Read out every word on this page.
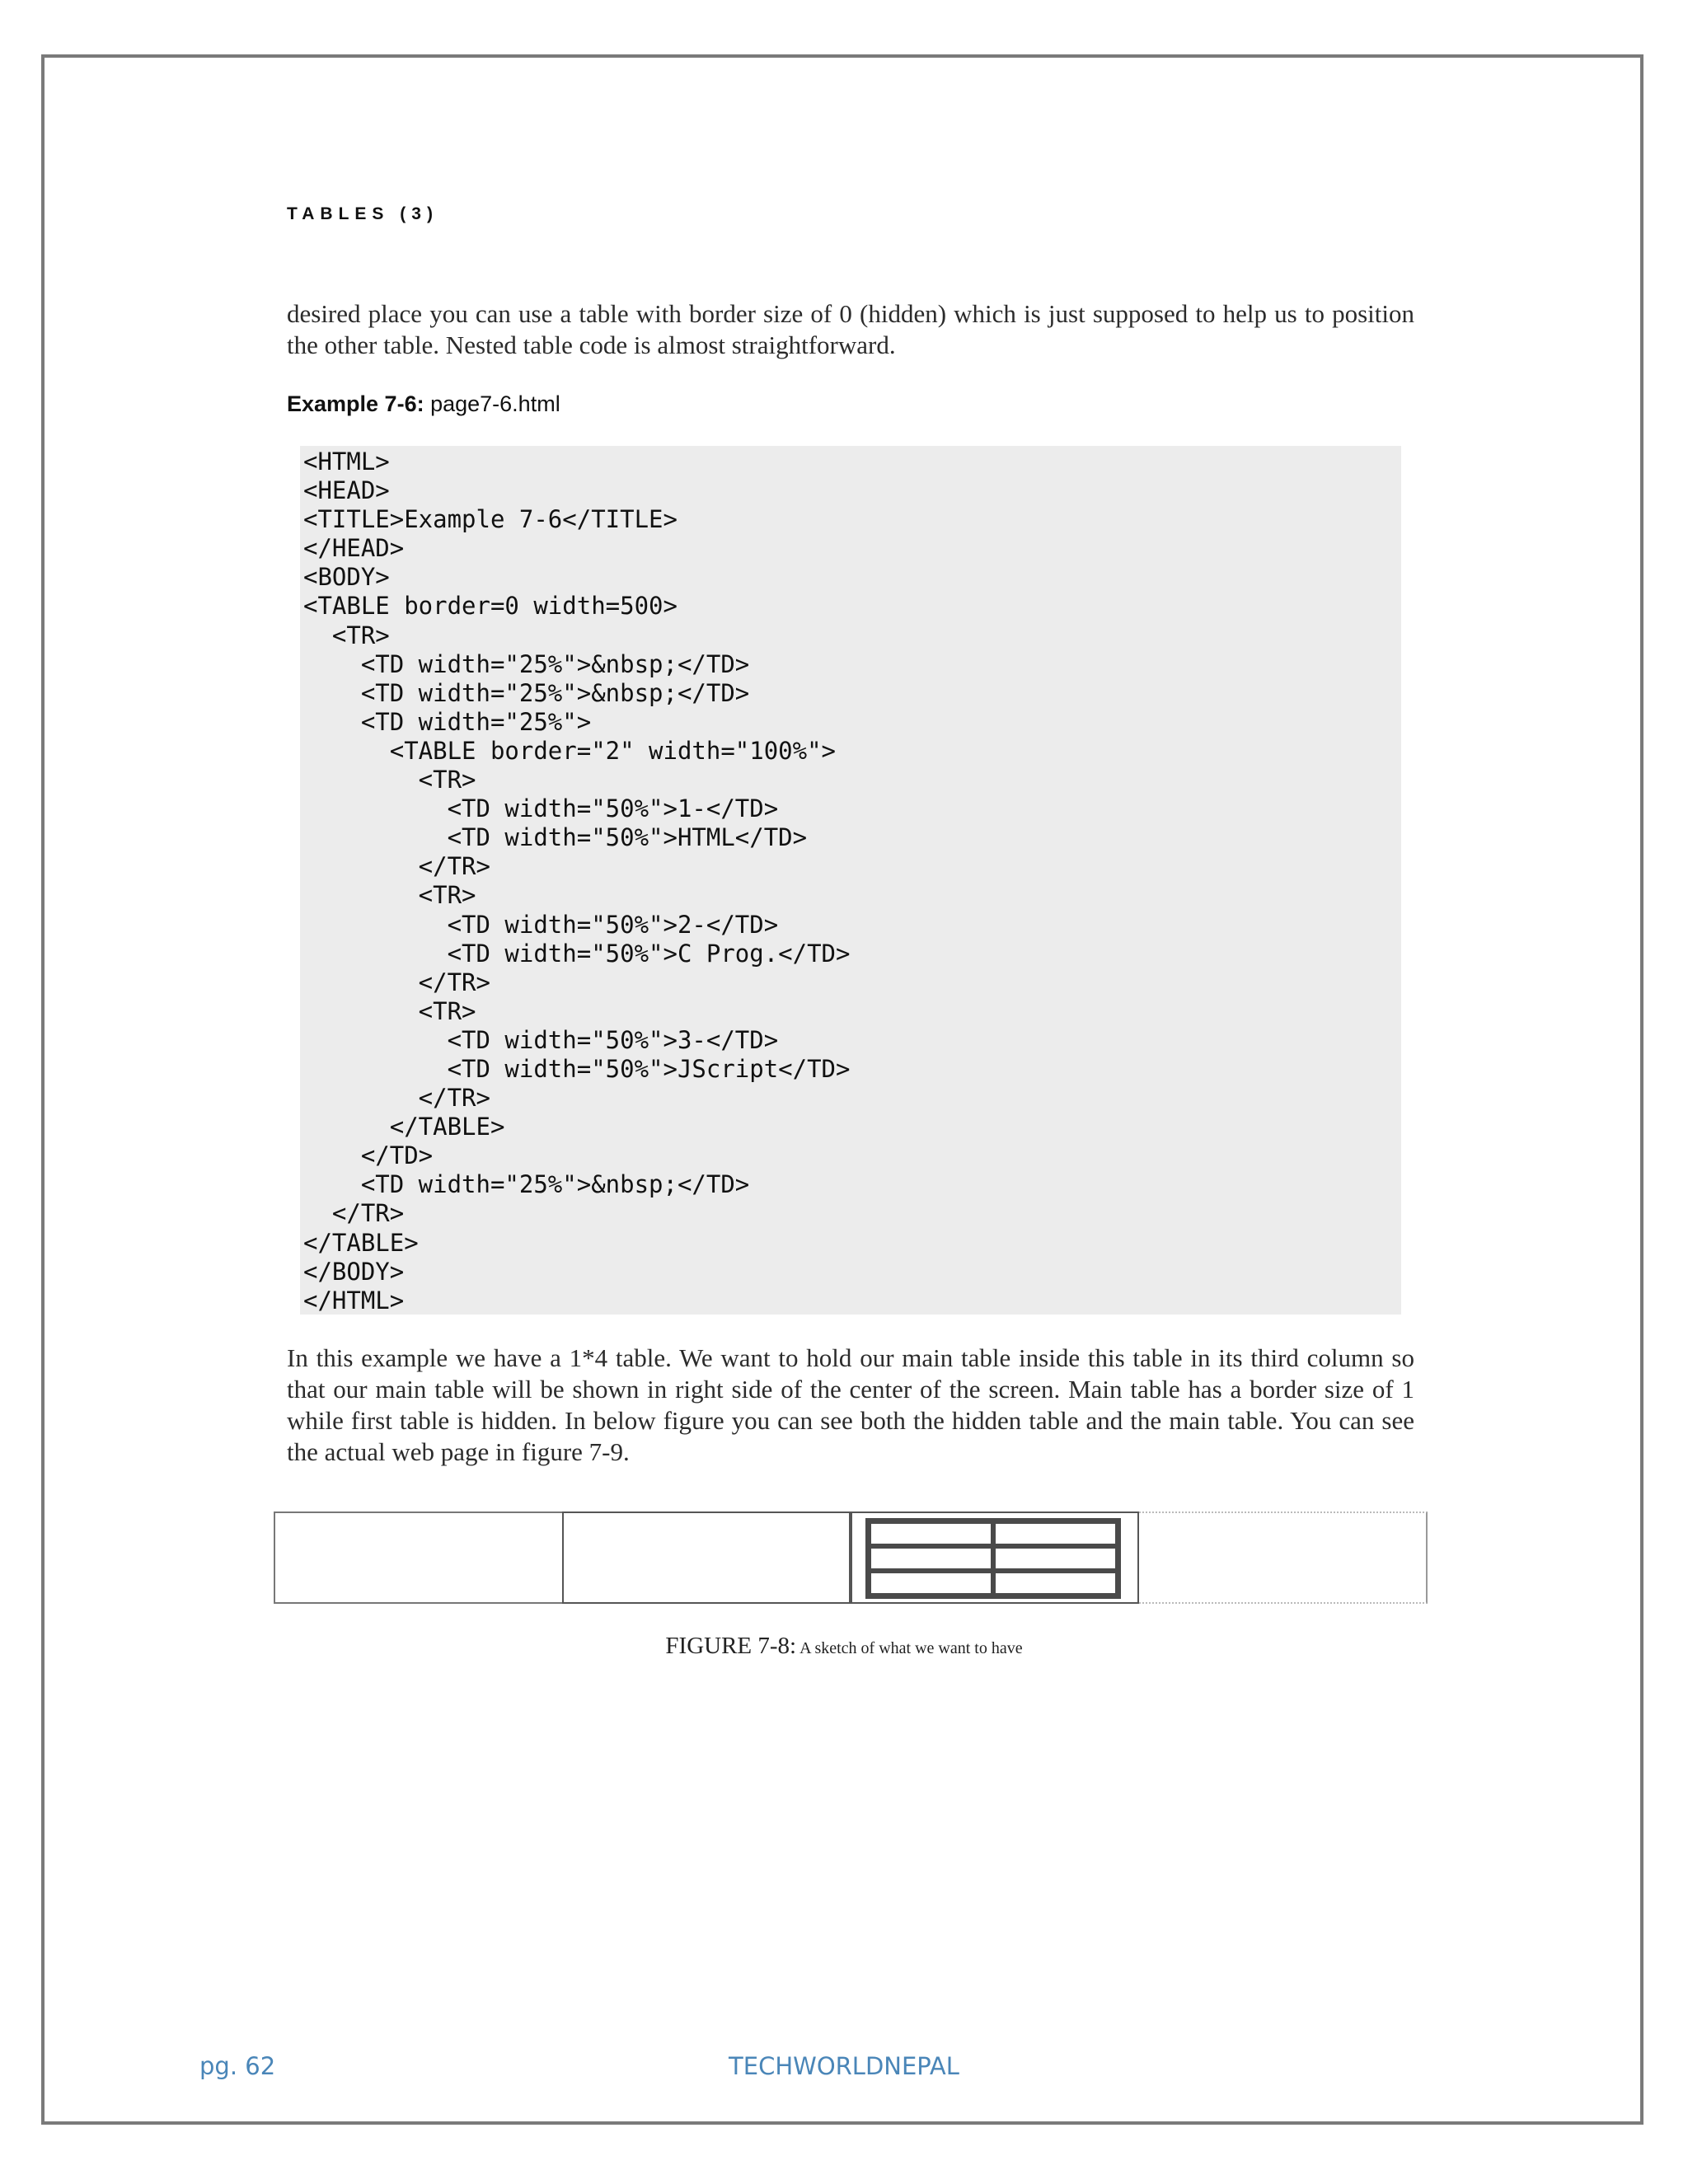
TABLES (3)

desired place you can use a table with border size of 0 (hidden) which is just supposed to help us to position the other table. Nested table code is almost straightforward.

Example 7-6: page7-6.html
<HTML>
<HEAD>
<TITLE>Example 7-6</TITLE>
</HEAD>
<BODY>
<TABLE border=0 width=500>
<TR>
<TD width="25%">&nbsp;</TD>
<TD width="25%">&nbsp;</TD>
<TD width="25%">
<TABLE border="2" width="100%">
<TR>
<TD width="50%">1-</TD>
<TD width="50%">HTML</TD>
</TR>
<TR>
<TD width="50%">2-</TD>
<TD width="50%">C Prog.</TD>
</TR>
<TR>
<TD width="50%">3-</TD>
<TD width="50%">JScript</TD>
</TR>
</TABLE>
</TD>
<TD width="25%">&nbsp;</TD>
</TR>
</TABLE>
</BODY>
</HTML>

In this example we have a 1*4 table. We want to hold our main table inside this table in its third column so that our main table will be shown in right side of the center of the screen. Main table has a border size of 1 while first table is hidden. In below figure you can see both the hidden table and the main table. You can see the actual web page in figure 7-9.

FIGURE 7-8: A sketch of what we want to have
pg. 62	TECHWORLDNEPAL
